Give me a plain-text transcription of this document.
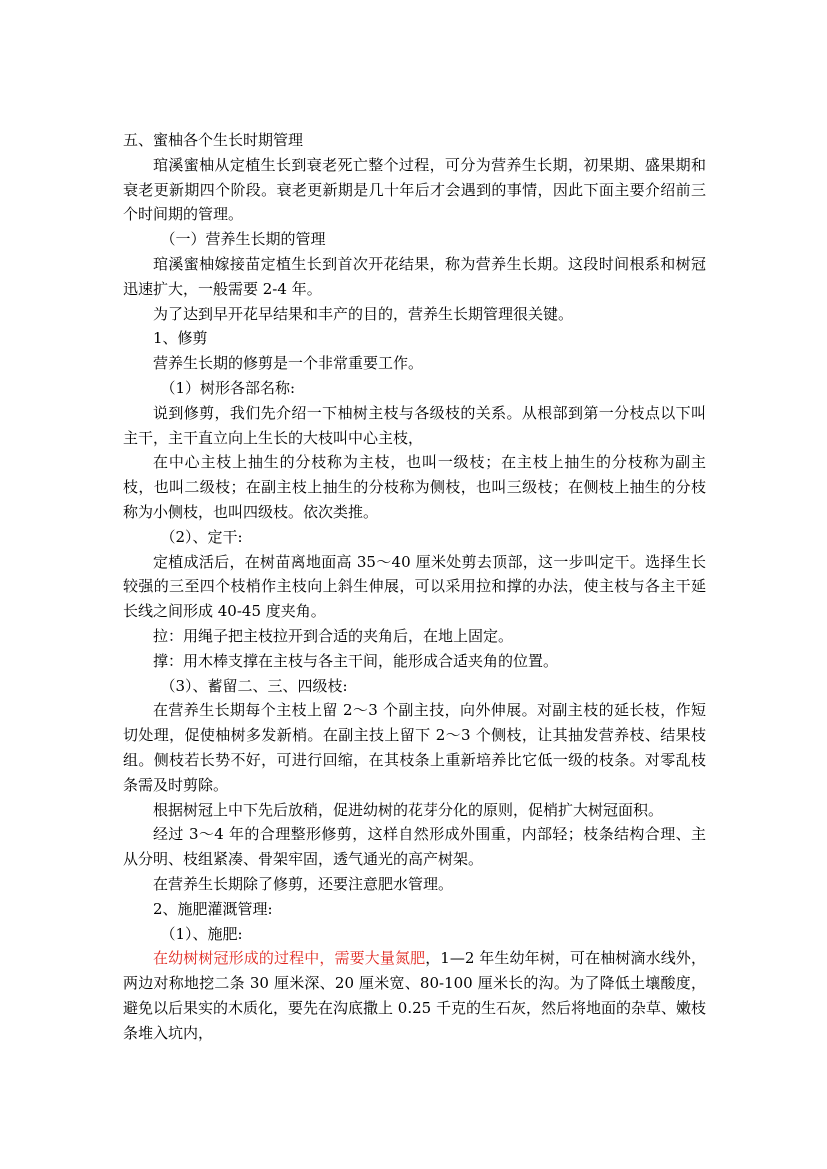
五、蜜柚各个生长时期管理

琯溪蜜柚从定植生长到衰老死亡整个过程，可分为营养生长期，初果期、盛果期和衰老更新期四个阶段。衰老更新期是几十年后才会遇到的事情，因此下面主要介绍前三个时间期的管理。

（一）营养生长期的管理

琯溪蜜柚嫁接苗定植生长到首次开花结果，称为营养生长期。这段时间根系和树冠迅速扩大，一般需要 2-4 年。

为了达到早开花早结果和丰产的目的，营养生长期管理很关键。

1、修剪

营养生长期的修剪是一个非常重要工作。

（1）树形各部名称:

说到修剪，我们先介绍一下柚树主枝与各级枝的关系。从根部到第一分枝点以下叫主干，主干直立向上生长的大枝叫中心主枝，

在中心主枝上抽生的分枝称为主枝，也叫一级枝；在主枝上抽生的分枝称为副主枝，也叫二级枝；在副主枝上抽生的分枝称为侧枝，也叫三级枝；在侧枝上抽生的分枝称为小侧枝，也叫四级枝。依次类推。

（2）、定干:

定植成活后，在树苗离地面高 35～40 厘米处剪去顶部，这一步叫定干。选择生长较强的三至四个枝梢作主枝向上斜生伸展，可以采用拉和撑的办法，使主枝与各主干延长线之间形成 40-45 度夹角。

拉：用绳子把主枝拉开到合适的夹角后，在地上固定。

撑：用木棒支撑在主枝与各主干间，能形成合适夹角的位置。

（3）、蓄留二、三、四级枝:

在营养生长期每个主枝上留 2～3 个副主技，向外伸展。对副主枝的延长枝，作短切处理，促使柚树多发新梢。在副主技上留下 2～3 个侧枝，让其抽发营养枝、结果枝组。侧枝若长势不好，可进行回缩，在其枝条上重新培养比它低一级的枝条。对零乱枝条需及时剪除。

根据树冠上中下先后放稍，促进幼树的花芽分化的原则，促梢扩大树冠面积。

经过 3～4 年的合理整形修剪，这样自然形成外围重，内部轻；枝条结构合理、主从分明、枝组紧凑、骨架牢固，透气通光的高产树架。

在营养生长期除了修剪，还要注意肥水管理。

2、施肥灌溉管理:

（1）、施肥:

在幼树树冠形成的过程中，需要大量氮肥，1—2 年生幼年树，可在柚树滴水线外，两边对称地挖二条 30 厘米深、20 厘米宽、80-100 厘米长的沟。为了降低土壤酸度，避免以后果实的木质化，要先在沟底撒上 0.25 千克的生石灰，然后将地面的杂草、嫩枝条堆入坑内，
